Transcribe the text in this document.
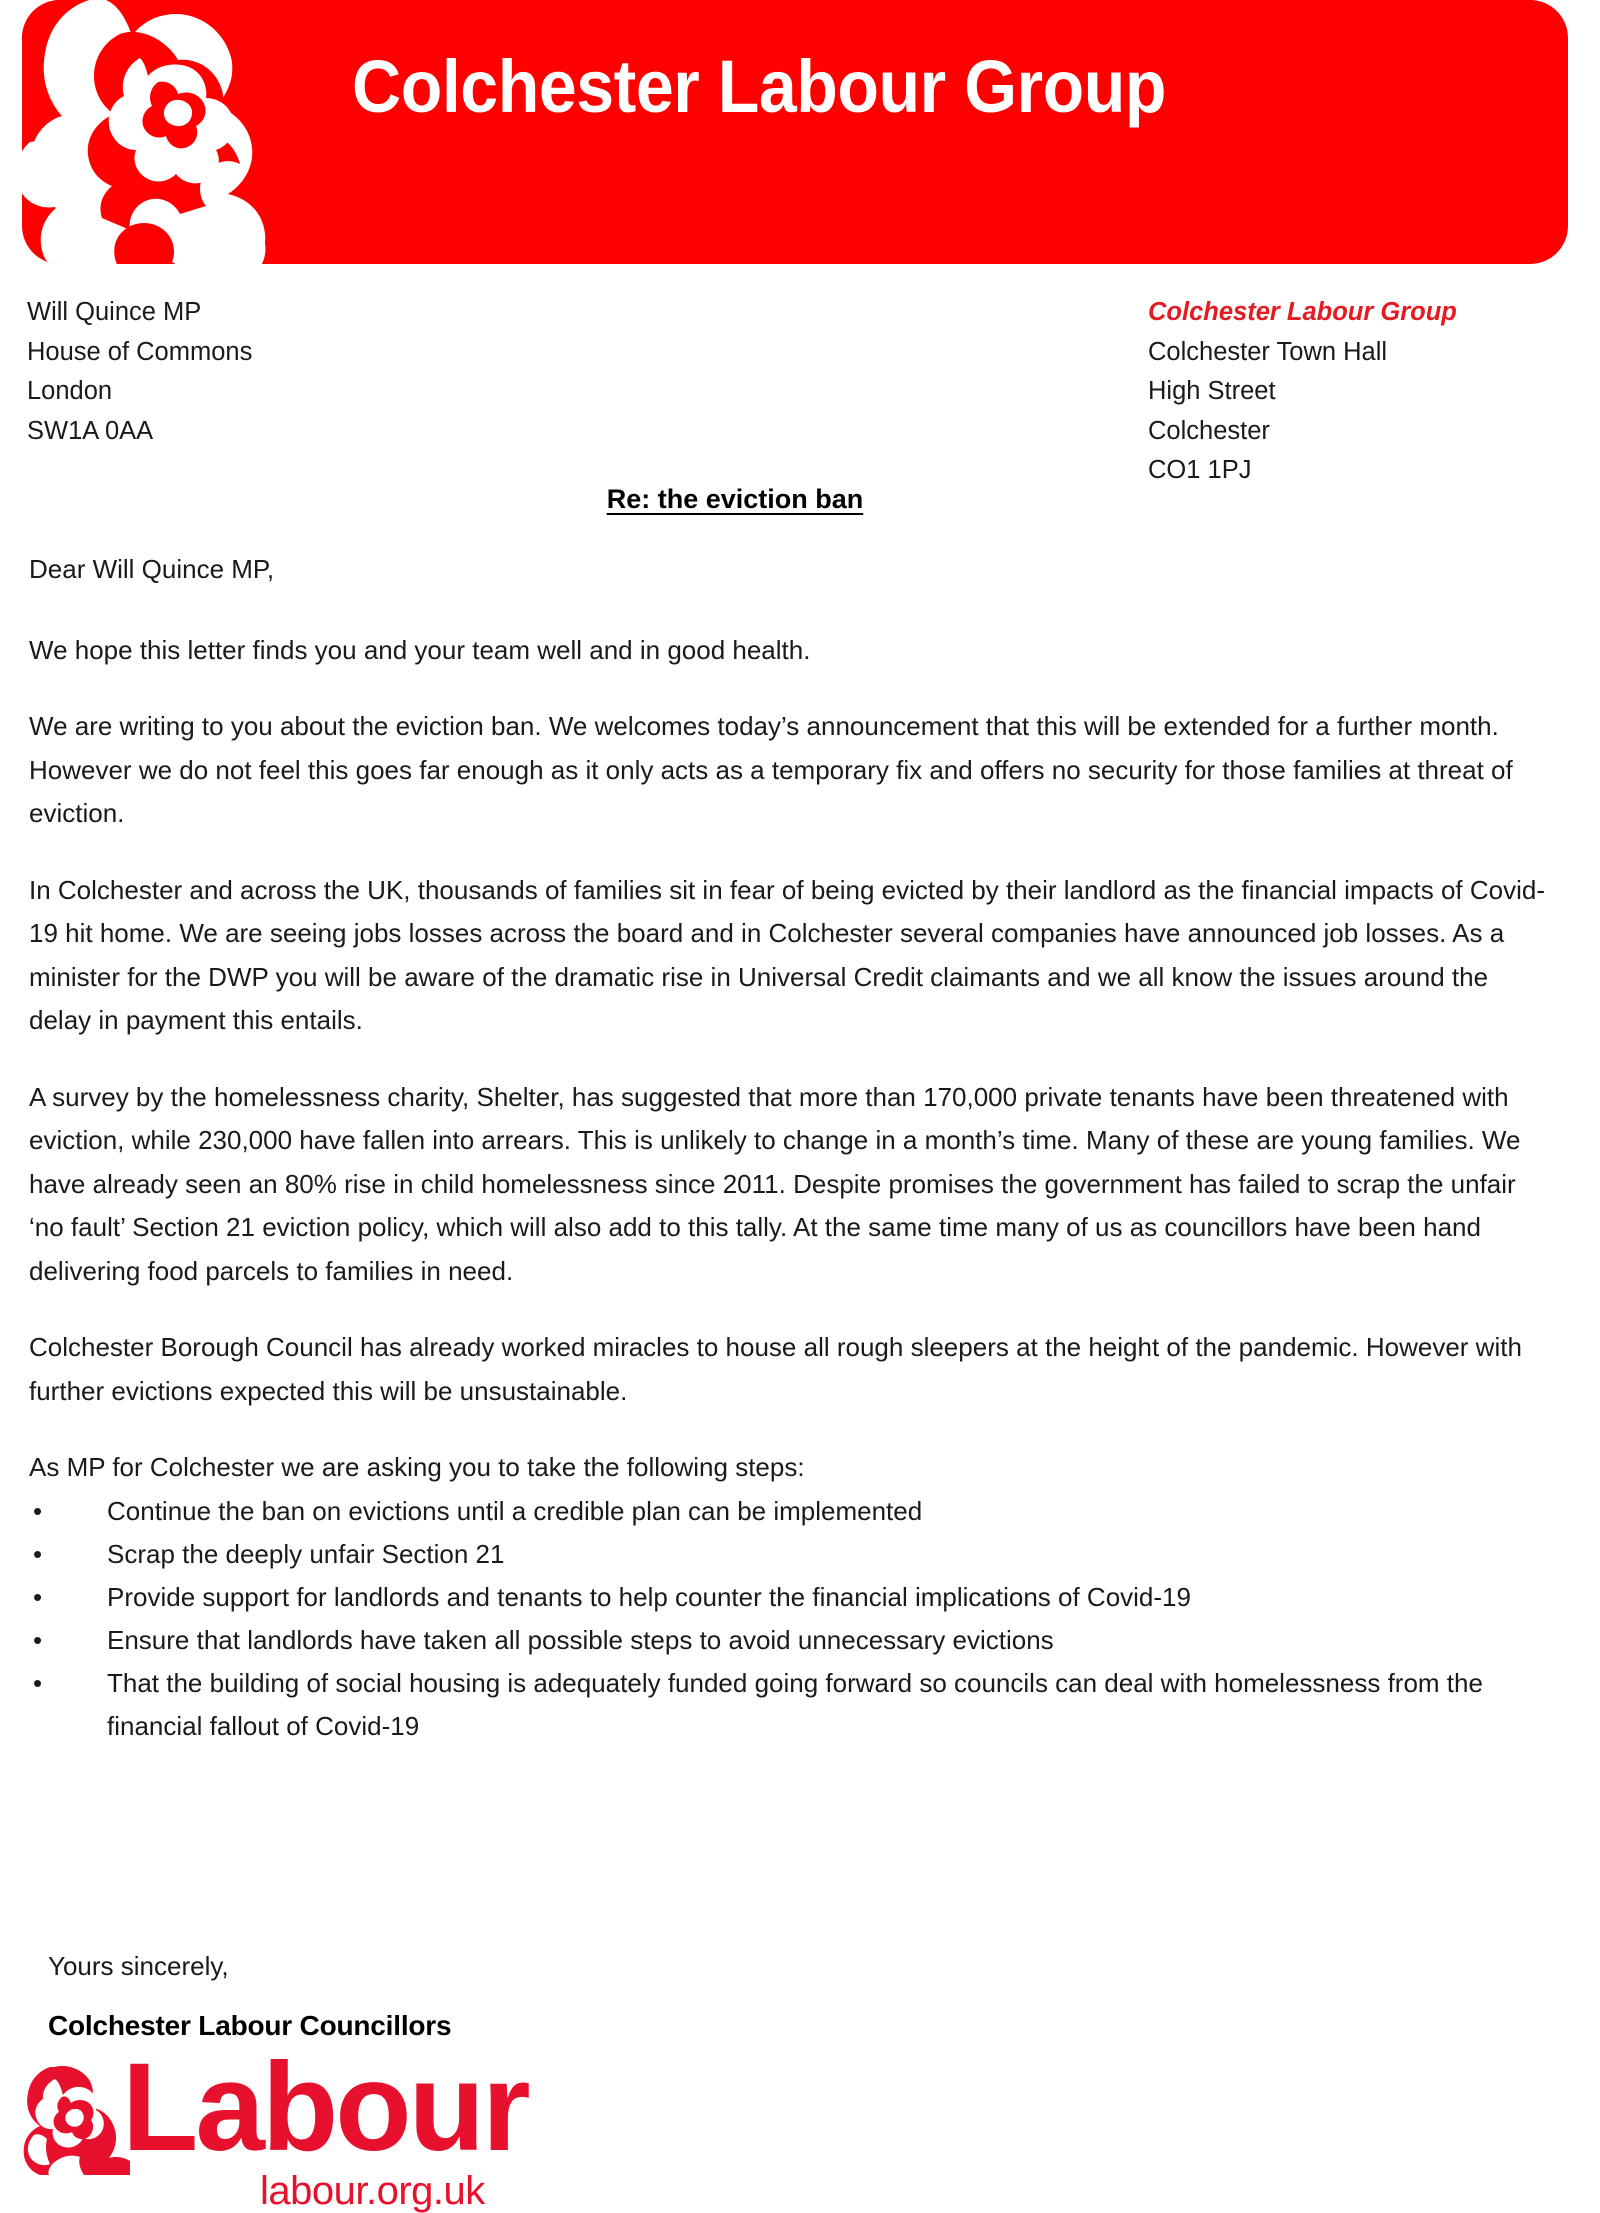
Colchester Labour Group
Will Quince MP
House of Commons
London
SW1A 0AA
Colchester Labour Group
Colchester Town Hall
High Street
Colchester
CO1 1PJ
Re: the eviction ban

Dear Will Quince MP,

We hope this letter finds you and your team well and in good health.

We are writing to you about the eviction ban. We welcomes today’s announcement that this will be extended for a further month. However we do not feel this goes far enough as it only acts as a temporary fix and offers no security for those families at threat of eviction.

In Colchester and across the UK, thousands of families sit in fear of being evicted by their landlord as the financial impacts of Covid-19 hit home. We are seeing jobs losses across the board and in Colchester several companies have announced job losses. As a minister for the DWP you will be aware of the dramatic rise in Universal Credit claimants and we all know the issues around the delay in payment this entails.

A survey by the homelessness charity, Shelter, has suggested that more than 170,000 private tenants have been threatened with eviction, while 230,000 have fallen into arrears. This is unlikely to change in a month’s time. Many of these are young families. We have already seen an 80% rise in child homelessness since 2011. Despite promises the government has failed to scrap the unfair ‘no fault’ Section 21 eviction policy, which will also add to this tally. At the same time many of us as councillors have been hand delivering food parcels to families in need.

Colchester Borough Council has already worked miracles to house all rough sleepers at the height of the pandemic. However with further evictions expected this will be unsustainable.

As MP for Colchester we are asking you to take the following steps:

• Continue the ban on evictions until a credible plan can be implemented
• Scrap the deeply unfair Section 21
• Provide support for landlords and tenants to help counter the financial implications of Covid-19
• Ensure that landlords have taken all possible steps to avoid unnecessary evictions
• That the building of social housing is adequately funded going forward so councils can deal with homelessness from the financial fallout of Covid-19
Yours sincerely,
Colchester Labour Councillors
Labour
labour.org.uk
